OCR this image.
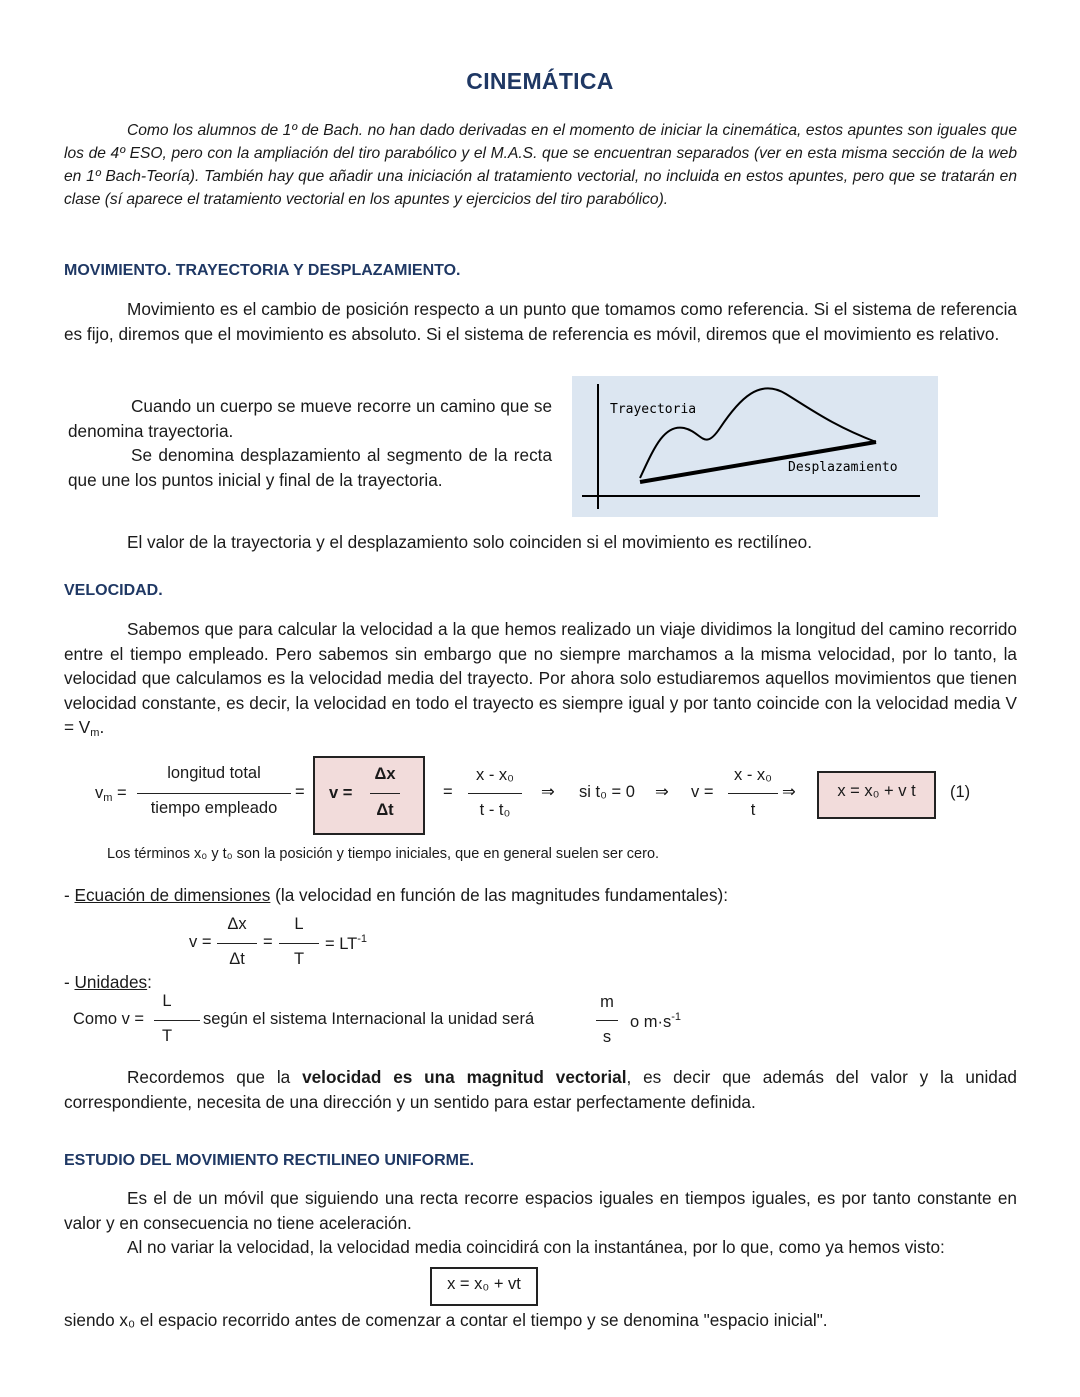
CINEMÁTICA
Como los alumnos de 1º de Bach. no han dado derivadas en el momento de iniciar la cinemática, estos apuntes son iguales que los de 4º ESO, pero con la ampliación del tiro parabólico y el M.A.S. que se encuentran separados (ver en esta misma sección de la web en 1º Bach-Teoría). También hay que añadir una iniciación al tratamiento vectorial, no incluida en estos apuntes, pero que se tratarán en clase (sí aparece el tratamiento vectorial en los apuntes y ejercicios del tiro parabólico).
MOVIMIENTO. TRAYECTORIA Y DESPLAZAMIENTO.
Movimiento es el cambio de posición respecto a un punto que tomamos como referencia. Si el sistema de referencia es fijo, diremos que el movimiento es absoluto. Si el sistema de referencia es móvil, diremos que el movimiento es relativo.
Cuando un cuerpo se mueve recorre un camino que se denomina trayectoria.
Se denomina desplazamiento al segmento de la recta que une los puntos inicial y final de la trayectoria.
Trayectoria
Desplazamiento
El valor de la trayectoria y el desplazamiento solo coinciden si el movimiento es rectilíneo.
VELOCIDAD.
Sabemos que para calcular la velocidad a la que hemos realizado un viaje dividimos la longitud del camino recorrido entre el tiempo empleado. Pero sabemos sin embargo que no siempre marchamos a la misma velocidad, por lo tanto, la velocidad que calculamos es la velocidad media del trayecto. Por ahora solo estudiaremos aquellos movimientos que tienen velocidad constante, es decir, la velocidad en todo el trayecto es siempre igual y por tanto coincide con la velocidad media $V = V_m$.
$v_m$ =
longitud total
tiempo empleado
= v =
Δx
Δt
=
x - x₀
t - t₀
⇒ si t₀ = 0 ⇒ v =
x - x₀
t
⇒	x = x₀ + v t	(1)
Los términos x₀ y t₀ son la posición y tiempo iniciales, que en general suelen ser cero.
- Ecuación de dimensiones (la velocidad en función de las magnitudes fundamentales):
v =
Δx
Δt
=
L
T
= $LT^{-1}$
- Unidades:
Como v =
L
T
según el sistema Internacional la unidad será
m
s
o $m\cdot s^{-1}$
Recordemos que la velocidad es una magnitud vectorial, es decir que además del valor y la unidad correspondiente, necesita de una dirección y un sentido para estar perfectamente definida.
ESTUDIO DEL MOVIMIENTO RECTILINEO UNIFORME.
Es el de un móvil que siguiendo una recta recorre espacios iguales en tiempos iguales, es por tanto constante en valor y en consecuencia no tiene aceleración.
Al no variar la velocidad, la velocidad media coincidirá con la instantánea, por lo que, como ya hemos visto:
x = x₀ + vt
siendo x₀ el espacio recorrido antes de comenzar a contar el tiempo y se denomina "espacio inicial".
